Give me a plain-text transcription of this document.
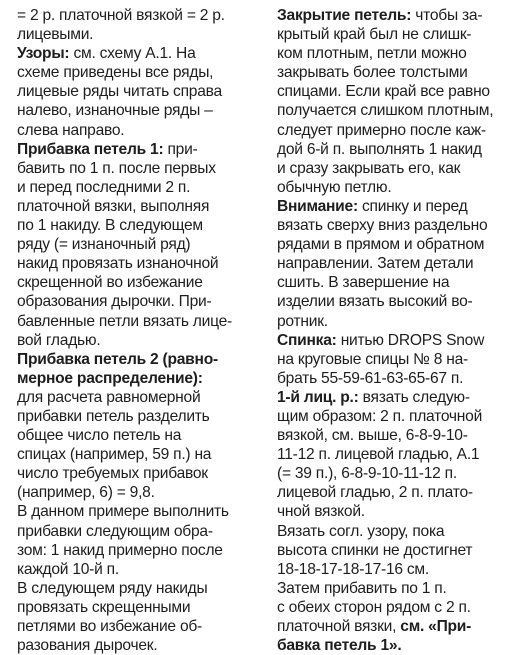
= 2 р. платочной вязкой = 2 р.
лицевыми.
Узоры: см. схему А.1. На
схеме приведены все ряды,
лицевые ряды читать справа
налево, изнаночные ряды –
слева направо.
Прибавка петель 1: при-
бавить по 1 п. после первых
и перед последними 2 п.
платочной вязки, выполняя
по 1 накиду. В следующем
ряду (= изнаночный ряд)
накид провязать изнаночной
скрещенной во избежание
образования дырочки. При-
бавленные петли вязать лице-
вой гладью.
Прибавка петель 2 (равно-
мерное распределение):
для расчета равномерной
прибавки петель разделить
общее число петель на
спицах (например, 59 п.) на
число требуемых прибавок
(например, 6) = 9,8.
В данном примере выполнить
прибавки следующим обра-
зом: 1 накид примерно после
каждой 10-й п.
В следующем ряду накиды
провязать скрещенными
петлями во избежание об-
разования дырочек.
Закрытие петель: чтобы за-
крытый край был не слишк-
ком плотным, петли можно
закрывать более толстыми
спицами. Если край все равно
получается слишком плотным,
следует примерно после каж-
дой 6-й п. выполнять 1 накид
и сразу закрывать его, как
обычную петлю.
Внимание: спинку и перед
вязать сверху вниз раздельно
рядами в прямом и обратном
направлении. Затем детали
сшить. В завершение на
изделии вязать высокий во-
ротник.
Спинка: нитью DROPS Snow
на круговые спицы № 8 на-
брать 55-59-61-63-65-67 п.
1-й лиц. р.: вязать следую-
щим образом: 2 п. платочной
вязкой, см. выше, 6-8-9-10-
11-12 п. лицевой гладью, А.1
(= 39 п.), 6-8-9-10-11-12 п.
лицевой гладью, 2 п. плато-
чной вязкой.
Вязать согл. узору, пока
высота спинки не достигнет
18-18-17-18-17-16 см.
Затем прибавить по 1 п.
с обеих сторон рядом с 2 п.
платочной вязки, см. «При-
бавка петель 1».
